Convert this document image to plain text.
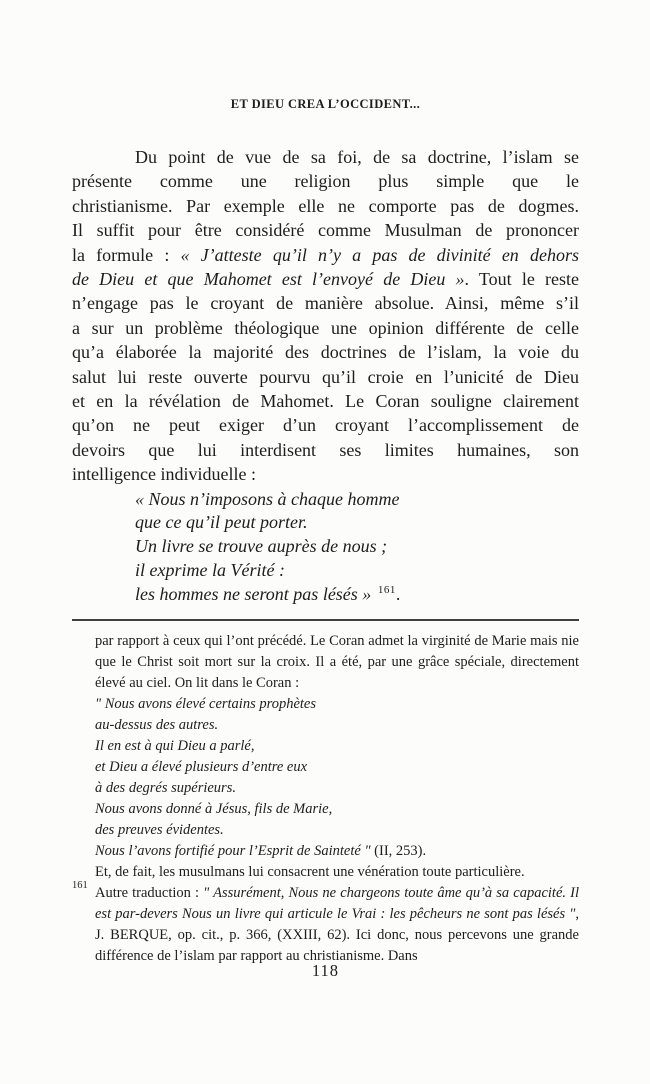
ET DIEU CREA L’OCCIDENT...
Du point de vue de sa foi, de sa doctrine, l’islam se
présente comme une religion plus simple que le
christianisme. Par exemple elle ne comporte pas de dogmes.
Il suffit pour être considéré comme Musulman de prononcer
la formule : « J’atteste qu’il n’y a pas de divinité en dehors
de Dieu et que Mahomet est l’envoyé de Dieu ». Tout le reste
n’engage pas le croyant de manière absolue. Ainsi, même s’il
a sur un problème théologique une opinion différente de celle
qu’a élaborée la majorité des doctrines de l’islam, la voie du
salut lui reste ouverte pourvu qu’il croie en l’unicité de Dieu
et en la révélation de Mahomet. Le Coran souligne clairement
qu’on ne peut exiger d’un croyant l’accomplissement de
devoirs que lui interdisent ses limites humaines, son
intelligence individuelle :
« Nous n’imposons à chaque homme
que ce qu’il peut porter.
Un livre se trouve auprès de nous ;
il exprime la Vérité :
les hommes ne seront pas lésés » $^{161}$.

par rapport à ceux qui l’ont précédé. Le Coran admet la virginité de Marie mais nie que le Christ soit mort sur la croix. Il a été, par une grâce spéciale, directement élevé au ciel. On lit dans le Coran :

" Nous avons élevé certains prophètes
au-dessus des autres.
Il en est à qui Dieu a parlé,
et Dieu a élevé plusieurs d’entre eux
à des degrés supérieurs.
Nous avons donné à Jésus, fils de Marie,
des preuves évidentes.
Nous l’avons fortifié pour l’Esprit de Sainteté " (II, 253).
Et, de fait, les musulmans lui consacrent une vénération toute particulière.

161 Autre traduction : " Assurément, Nous ne chargeons toute âme qu’à sa capacité. Il est par-devers Nous un livre qui articule le Vrai : les pêcheurs ne sont pas lésés ", J. BERQUE, op. cit., p. 366, (XXIII, 62). Ici donc, nous percevons une grande différence de l’islam par rapport au christianisme. Dans

118
